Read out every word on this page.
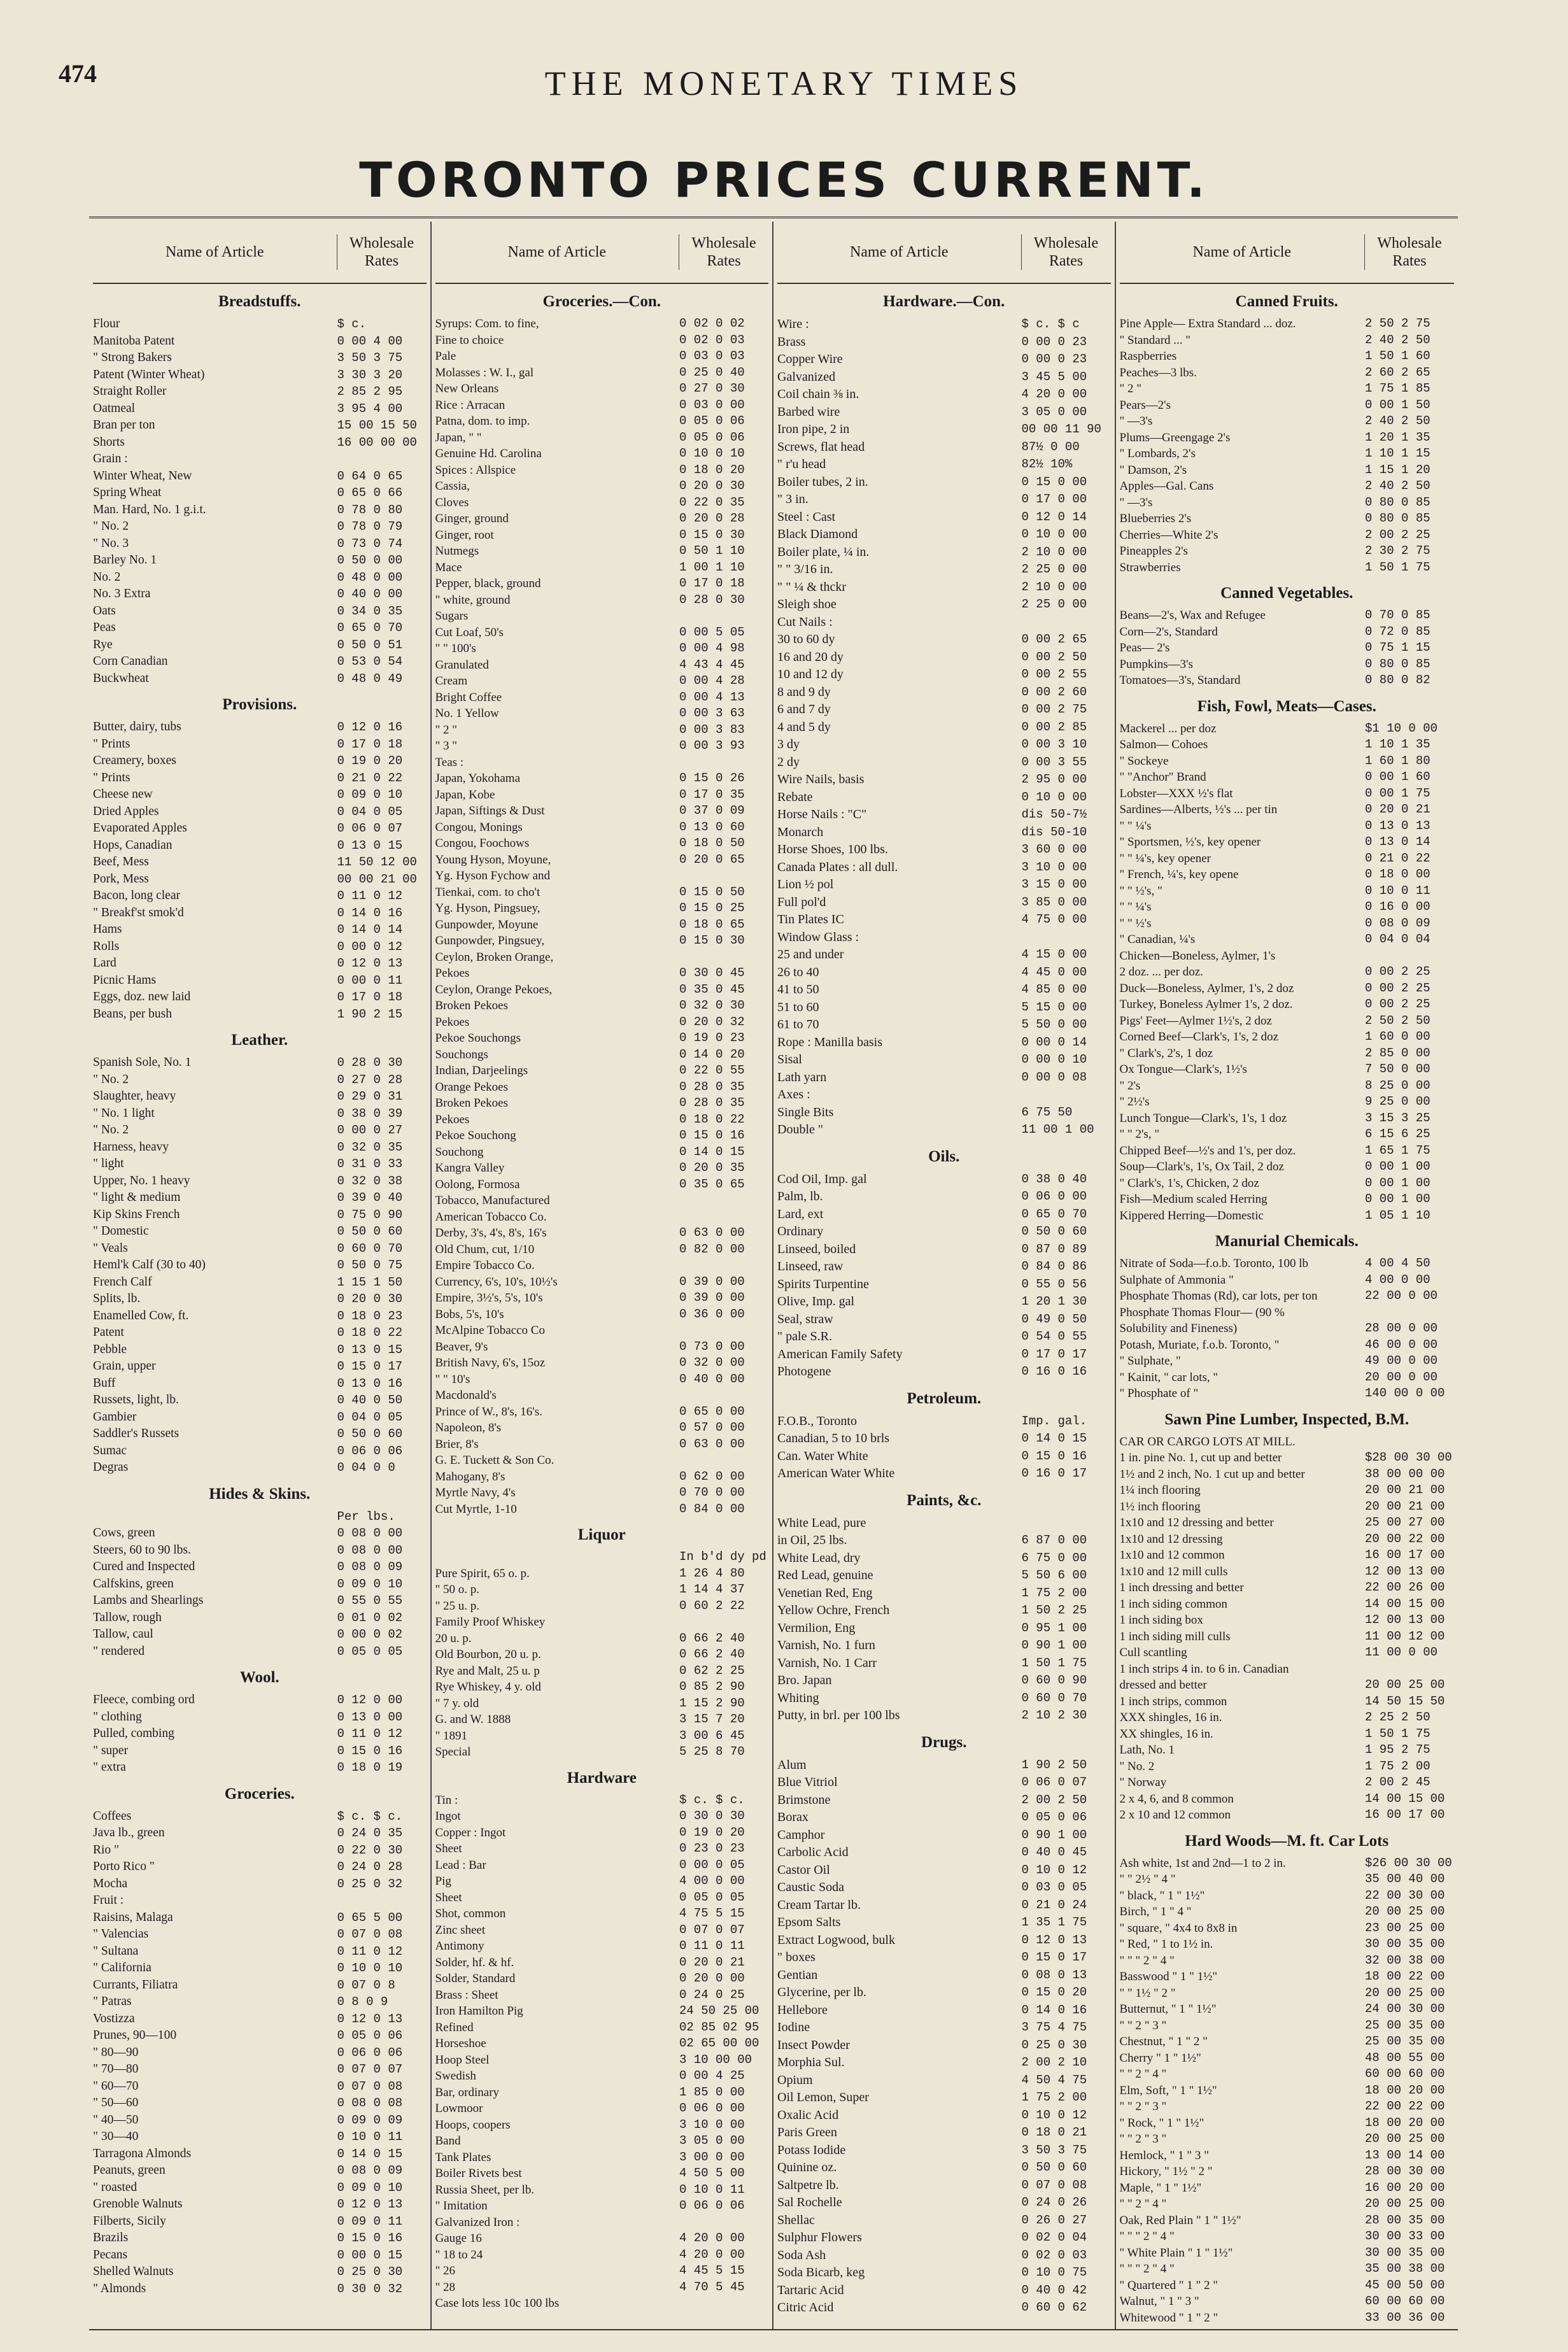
474	THE MONETARY TIMES
TORONTO PRICES CURRENT.
Name of Article
Wholesale Rates
Breadstuffs.
Flour	$ c.
Manitoba Patent	0 00 4 00
" Strong Bakers	3 50 3 75
Patent (Winter Wheat)	3 30 3 20
Straight Roller	2 85 2 95
Oatmeal	3 95 4 00
Bran per ton	15 00 15 50
Shorts	16 00 00 00
Grain :
Winter Wheat, New	0 64 0 65
Spring Wheat	0 65 0 66
Man. Hard, No. 1 g.i.t.	0 78 0 80
" No. 2	0 78 0 79
" No. 3	0 73 0 74
Barley No. 1	0 50 0 00
No. 2	0 48 0 00
No. 3 Extra	0 40 0 00
Oats	0 34 0 35
Peas	0 65 0 70
Rye	0 50 0 51
Corn Canadian	0 53 0 54
Buckwheat	0 48 0 49
Provisions.
Butter, dairy, tubs	0 12 0 16
" Prints	0 17 0 18
Creamery, boxes	0 19 0 20
" Prints	0 21 0 22
Cheese new	0 09 0 10
Dried Apples	0 04 0 05
Evaporated Apples	0 06 0 07
Hops, Canadian	0 13 0 15
Beef, Mess	11 50 12 00
Pork, Mess	00 00 21 00
Bacon, long clear	0 11 0 12
" Breakf'st smok'd	0 14 0 16
Hams	0 14 0 14
Rolls	0 00 0 12
Lard	0 12 0 13
Picnic Hams	0 00 0 11
Eggs, doz. new laid	0 17 0 18
Beans, per bush	1 90 2 15
Leather.
Spanish Sole, No. 1	0 28 0 30
" No. 2	0 27 0 28
Slaughter, heavy	0 29 0 31
" No. 1 light	0 38 0 39
" No. 2	0 00 0 27
Harness, heavy	0 32 0 35
" light	0 31 0 33
Upper, No. 1 heavy	0 32 0 38
" light & medium	0 39 0 40
Kip Skins French	0 75 0 90
" Domestic	0 50 0 60
" Veals	0 60 0 70
Heml'k Calf (30 to 40)	0 50 0 75
French Calf	1 15 1 50
Splits, lb.	0 20 0 30
Enamelled Cow, ft.	0 18 0 23
Patent	0 18 0 22
Pebble	0 13 0 15
Grain, upper	0 15 0 17
Buff	0 13 0 16
Russets, light, lb.	0 40 0 50
Gambier	0 04 0 05
Saddler's Russets	0 50 0 60
Sumac	0 06 0 06
Degras	0 04 0 0
Hides & Skins.
Per lbs.
Cows, green	0 08 0 00
Steers, 60 to 90 lbs.	0 08 0 00
Cured and Inspected	0 08 0 09
Calfskins, green	0 09 0 10
Lambs and Shearlings	0 55 0 55
Tallow, rough	0 01 0 02
Tallow, caul	0 00 0 02
" rendered	0 05 0 05
Wool.
Fleece, combing ord	0 12 0 00
" clothing	0 13 0 00
Pulled, combing	0 11 0 12
" super	0 15 0 16
" extra	0 18 0 19
Groceries.
Coffees	$ c. $ c.
Java lb., green	0 24 0 35
Rio "	0 22 0 30
Porto Rico "	0 24 0 28
Mocha	0 25 0 32
Fruit :
Raisins, Malaga	0 65 5 00
" Valencias	0 07 0 08
" Sultana	0 11 0 12
" California	0 10 0 10
Currants, Filiatra	0 07 0 8
" Patras	0 8 0 9
Vostizza	0 12 0 13
Prunes, 90—100	0 05 0 06
" 80—90	0 06 0 06
" 70—80	0 07 0 07
" 60—70	0 07 0 08
" 50—60	0 08 0 08
" 40—50	0 09 0 09
" 30—40	0 10 0 11
Tarragona Almonds	0 14 0 15
Peanuts, green	0 08 0 09
" roasted	0 09 0 10
Grenoble Walnuts	0 12 0 13
Filberts, Sicily	0 09 0 11
Brazils	0 15 0 16
Pecans	0 00 0 15
Shelled Walnuts	0 25 0 30
" Almonds	0 30 0 32
Name of Article
Wholesale Rates
Groceries.—Con.
Syrups: Com. to fine,	0 02 0 02
Fine to choice	0 02 0 03
Pale	0 03 0 03
Molasses : W. I., gal	0 25 0 40
New Orleans	0 27 0 30
Rice : Arracan	0 03 0 00
Patna, dom. to imp.	0 05 0 06
Japan, " "	0 05 0 06
Genuine Hd. Carolina	0 10 0 10
Spices : Allspice	0 18 0 20
Cassia,	0 20 0 30
Cloves	0 22 0 35
Ginger, ground	0 20 0 28
Ginger, root	0 15 0 30
Nutmegs	0 50 1 10
Mace	1 00 1 10
Pepper, black, ground	0 17 0 18
" white, ground	0 28 0 30
Sugars
Cut Loaf, 50's	0 00 5 05
" " 100's	0 00 4 98
Granulated	4 43 4 45
Cream	0 00 4 28
Bright Coffee	0 00 4 13
No. 1 Yellow	0 00 3 63
" 2 "	0 00 3 83
" 3 "	0 00 3 93
Teas :
Japan, Yokohama	0 15 0 26
Japan, Kobe	0 17 0 35
Japan, Siftings & Dust	0 37 0 09
Congou, Monings	0 13 0 60
Congou, Foochows	0 18 0 50
Young Hyson, Moyune,	0 20 0 65
Yg. Hyson Fychow and
Tienkai, com. to cho't	0 15 0 50
Yg. Hyson, Pingsuey,	0 15 0 25
Gunpowder, Moyune	0 18 0 65
Gunpowder, Pingsuey,	0 15 0 30
Ceylon, Broken Orange,
Pekoes	0 30 0 45
Ceylon, Orange Pekoes,	0 35 0 45
Broken Pekoes	0 32 0 30
Pekoes	0 20 0 32
Pekoe Souchongs	0 19 0 23
Souchongs	0 14 0 20
Indian, Darjeelings	0 22 0 55
Orange Pekoes	0 28 0 35
Broken Pekoes	0 28 0 35
Pekoes	0 18 0 22
Pekoe Souchong	0 15 0 16
Souchong	0 14 0 15
Kangra Valley	0 20 0 35
Oolong, Formosa	0 35 0 65
Tobacco, Manufactured
American Tobacco Co.
Derby, 3's, 4's, 8's, 16's	0 63 0 00
Old Chum, cut, 1/10	0 82 0 00
Empire Tobacco Co.
Currency, 6's, 10's, 10½'s	0 39 0 00
Empire, 3½'s, 5's, 10's	0 39 0 00
Bobs, 5's, 10's	0 36 0 00
McAlpine Tobacco Co
Beaver, 9's	0 73 0 00
British Navy, 6's, 15oz	0 32 0 00
" " 10's	0 40 0 00
Macdonald's
Prince of W., 8's, 16's.	0 65 0 00
Napoleon, 8's	0 57 0 00
Brier, 8's	0 63 0 00
G. E. Tuckett & Son Co.
Mahogany, 8's	0 62 0 00
Myrtle Navy, 4's	0 70 0 00
Cut Myrtle, 1-10	0 84 0 00
Liquor
In b'd dy pd
Pure Spirit, 65 o. p.	1 26 4 80
" 50 o. p.	1 14 4 37
" 25 u. p.	0 60 2 22
Family Proof Whiskey
20 u. p.	0 66 2 40
Old Bourbon, 20 u. p.	0 66 2 40
Rye and Malt, 25 u. p	0 62 2 25
Rye Whiskey, 4 y. old	0 85 2 90
" 7 y. old	1 15 2 90
G. and W. 1888	3 15 7 20
" 1891	3 00 6 45
Special	5 25 8 70
Hardware
Tin :	$ c. $ c.
Ingot	0 30 0 30
Copper : Ingot	0 19 0 20
Sheet	0 23 0 23
Lead : Bar	0 00 0 05
Pig	4 00 0 00
Sheet	0 05 0 05
Shot, common	4 75 5 15
Zinc sheet	0 07 0 07
Antimony	0 11 0 11
Solder, hf. & hf.	0 20 0 21
Solder, Standard	0 20 0 00
Brass : Sheet	0 24 0 25
Iron Hamilton Pig	24 50 25 00
Refined	02 85 02 95
Horseshoe	02 65 00 00
Hoop Steel	3 10 00 00
Swedish	0 00 4 25
Bar, ordinary	1 85 0 00
Lowmoor	0 06 0 00
Hoops, coopers	3 10 0 00
Band	3 05 0 00
Tank Plates	3 00 0 00
Boiler Rivets best	4 50 5 00
Russia Sheet, per lb.	0 10 0 11
" Imitation	0 06 0 06
Galvanized Iron :
Gauge 16	4 20 0 00
" 18 to 24	4 20 0 00
" 26	4 45 5 15
" 28	4 70 5 45
Case lots less 10c 100 lbs
Name of Article
Wholesale Rates
Hardware.—Con.
Wire :	$ c. $ c
Brass	0 00 0 23
Copper Wire	0 00 0 23
Galvanized	3 45 5 00
Coil chain ⅜ in.	4 20 0 00
Barbed wire	3 05 0 00
Iron pipe, 2 in	00 00 11 90
Screws, flat head	87½ 0 00
" r'u head	82½ 10%
Boiler tubes, 2 in.	0 15 0 00
" 3 in.	0 17 0 00
Steel : Cast	0 12 0 14
Black Diamond	0 10 0 00
Boiler plate, ¼ in.	2 10 0 00
" " 3/16 in.	2 25 0 00
" " ¼ & thckr	2 10 0 00
Sleigh shoe	2 25 0 00
Cut Nails :
30 to 60 dy	0 00 2 65
16 and 20 dy	0 00 2 50
10 and 12 dy	0 00 2 55
8 and 9 dy	0 00 2 60
6 and 7 dy	0 00 2 75
4 and 5 dy	0 00 2 85
3 dy	0 00 3 10
2 dy	0 00 3 55
Wire Nails, basis	2 95 0 00
Rebate	0 10 0 00
Horse Nails : "C"	dis 50-7½
Monarch	dis 50-10
Horse Shoes, 100 lbs.	3 60 0 00
Canada Plates : all dull.	3 10 0 00
Lion ½ pol	3 15 0 00
Full pol'd	3 85 0 00
Tin Plates IC	4 75 0 00
Window Glass :
25 and under	4 15 0 00
26 to 40	4 45 0 00
41 to 50	4 85 0 00
51 to 60	5 15 0 00
61 to 70	5 50 0 00
Rope : Manilla basis	0 00 0 14
Sisal	0 00 0 10
Lath yarn	0 00 0 08
Axes :
Single Bits	6 75 50
Double "	11 00 1 00
Oils.
Cod Oil, Imp. gal	0 38 0 40
Palm, lb.	0 06 0 00
Lard, ext	0 65 0 70
Ordinary	0 50 0 60
Linseed, boiled	0 87 0 89
Linseed, raw	0 84 0 86
Spirits Turpentine	0 55 0 56
Olive, Imp. gal	1 20 1 30
Seal, straw	0 49 0 50
" pale S.R.	0 54 0 55
American Family Safety	0 17 0 17
Photogene	0 16 0 16
Petroleum.
F.O.B., Toronto	Imp. gal.
Canadian, 5 to 10 brls	0 14 0 15
Can. Water White	0 15 0 16
American Water White	0 16 0 17
Paints, &c.
White Lead, pure
in Oil, 25 lbs.	6 87 0 00
White Lead, dry	6 75 0 00
Red Lead, genuine	5 50 6 00
Venetian Red, Eng	1 75 2 00
Yellow Ochre, French	1 50 2 25
Vermilion, Eng	0 95 1 00
Varnish, No. 1 furn	0 90 1 00
Varnish, No. 1 Carr	1 50 1 75
Bro. Japan	0 60 0 90
Whiting	0 60 0 70
Putty, in brl. per 100 lbs	2 10 2 30
Drugs.
Alum	1 90 2 50
Blue Vitriol	0 06 0 07
Brimstone	2 00 2 50
Borax	0 05 0 06
Camphor	0 90 1 00
Carbolic Acid	0 40 0 45
Castor Oil	0 10 0 12
Caustic Soda	0 03 0 05
Cream Tartar lb.	0 21 0 24
Epsom Salts	1 35 1 75
Extract Logwood, bulk	0 12 0 13
" boxes	0 15 0 17
Gentian	0 08 0 13
Glycerine, per lb.	0 15 0 20
Hellebore	0 14 0 16
Iodine	3 75 4 75
Insect Powder	0 25 0 30
Morphia Sul.	2 00 2 10
Opium	4 50 4 75
Oil Lemon, Super	1 75 2 00
Oxalic Acid	0 10 0 12
Paris Green	0 18 0 21
Potass Iodide	3 50 3 75
Quinine oz.	0 50 0 60
Saltpetre lb.	0 07 0 08
Sal Rochelle	0 24 0 26
Shellac	0 26 0 27
Sulphur Flowers	0 02 0 04
Soda Ash	0 02 0 03
Soda Bicarb, keg	0 10 0 75
Tartaric Acid	0 40 0 42
Citric Acid	0 60 0 62
Name of Article
Wholesale Rates
Canned Fruits.
Pine Apple— Extra Standard ... doz.	2 50 2 75
" Standard ... "	2 40 2 50
Raspberries	1 50 1 60
Peaches—3 lbs.	2 60 2 65
" 2 "	1 75 1 85
Pears—2's	0 00 1 50
" —3's	2 40 2 50
Plums—Greengage 2's	1 20 1 35
" Lombards, 2's	1 10 1 15
" Damson, 2's	1 15 1 20
Apples—Gal. Cans	2 40 2 50
" —3's	0 80 0 85
Blueberries 2's	0 80 0 85
Cherries—White 2's	2 00 2 25
Pineapples 2's	2 30 2 75
Strawberries	1 50 1 75
Canned Vegetables.
Beans—2's, Wax and Refugee	0 70 0 85
Corn—2's, Standard	0 72 0 85
Peas— 2's	0 75 1 15
Pumpkins—3's	0 80 0 85
Tomatoes—3's, Standard	0 80 0 82
Fish, Fowl, Meats—Cases.
Mackerel ... per doz	$1 10 0 00
Salmon— Cohoes	1 10 1 35
" Sockeye	1 60 1 80
" "Anchor" Brand	0 00 1 60
Lobster—XXX ½'s flat	0 00 1 75
Sardines—Alberts, ½'s ... per tin	0 20 0 21
" " ¼'s	0 13 0 13
" Sportsmen, ½'s, key opener	0 13 0 14
" " ¼'s, key opener	0 21 0 22
" French, ¼'s, key opene	0 18 0 00
" " ½'s, "	0 10 0 11
" " ¼'s	0 16 0 00
" " ½'s	0 08 0 09
" Canadian, ¼'s	0 04 0 04
Chicken—Boneless, Aylmer, 1's
2 doz. ... per doz.	0 00 2 25
Duck—Boneless, Aylmer, 1's, 2 doz	0 00 2 25
Turkey, Boneless Aylmer 1's, 2 doz.	0 00 2 25
Pigs' Feet—Aylmer 1½'s, 2 doz	2 50 2 50
Corned Beef—Clark's, 1's, 2 doz	1 60 0 00
" Clark's, 2's, 1 doz	2 85 0 00
Ox Tongue—Clark's, 1½'s	7 50 0 00
" 2's	8 25 0 00
" 2½'s	9 25 0 00
Lunch Tongue—Clark's, 1's, 1 doz	3 15 3 25
" " 2's, "	6 15 6 25
Chipped Beef—½'s and 1's, per doz.	1 65 1 75
Soup—Clark's, 1's, Ox Tail, 2 doz	0 00 1 00
" Clark's, 1's, Chicken, 2 doz	0 00 1 00
Fish—Medium scaled Herring	0 00 1 00
Kippered Herring—Domestic	1 05 1 10
Manurial Chemicals.
Nitrate of Soda—f.o.b. Toronto, 100 lb	4 00 4 50
Sulphate of Ammonia "	4 00 0 00
Phosphate Thomas (Rd), car lots, per ton	22 00 0 00
Phosphate Thomas Flour— (90 %
Solubility and Fineness)	28 00 0 00
Potash, Muriate, f.o.b. Toronto, "	46 00 0 00
" Sulphate, "	49 00 0 00
" Kainit, " car lots, "	20 00 0 00
" Phosphate of "	140 00 0 00
Sawn Pine Lumber, Inspected, B.M.
CAR OR CARGO LOTS AT MILL.
1 in. pine No. 1, cut up and better	$28 00 30 00
1½ and 2 inch, No. 1 cut up and better	38 00 00 00
1¼ inch flooring	20 00 21 00
1½ inch flooring	20 00 21 00
1x10 and 12 dressing and better	25 00 27 00
1x10 and 12 dressing	20 00 22 00
1x10 and 12 common	16 00 17 00
1x10 and 12 mill culls	12 00 13 00
1 inch dressing and better	22 00 26 00
1 inch siding common	14 00 15 00
1 inch siding box	12 00 13 00
1 inch siding mill culls	11 00 12 00
Cull scantling	11 00 0 00
1 inch strips 4 in. to 6 in. Canadian
dressed and better	20 00 25 00
1 inch strips, common	14 50 15 50
XXX shingles, 16 in.	2 25 2 50
XX shingles, 16 in.	1 50 1 75
Lath, No. 1	1 95 2 75
" No. 2	1 75 2 00
" Norway	2 00 2 45
2 x 4, 6, and 8 common	14 00 15 00
2 x 10 and 12 common	16 00 17 00
Hard Woods—M. ft. Car Lots
Ash white, 1st and 2nd—1 to 2 in.	$26 00 30 00
" " 2½ " 4 "	35 00 40 00
" black, " 1 " 1½"	22 00 30 00
Birch, " 1 " 4 "	20 00 25 00
" square, " 4x4 to 8x8 in	23 00 25 00
" Red, " 1 to 1½ in.	30 00 35 00
" " " 2 " 4 "	32 00 38 00
Basswood " 1 " 1½"	18 00 22 00
" " 1½ " 2 "	20 00 25 00
Butternut, " 1 " 1½"	24 00 30 00
" " 2 " 3 "	25 00 35 00
Chestnut, " 1 " 2 "	25 00 35 00
Cherry " 1 " 1½"	48 00 55 00
" " 2 " 4 "	60 00 60 00
Elm, Soft, " 1 " 1½"	18 00 20 00
" " 2 " 3 "	22 00 22 00
" Rock, " 1 " 1½"	18 00 20 00
" " 2 " 3 "	20 00 25 00
Hemlock, " 1 " 3 "	13 00 14 00
Hickory, " 1½ " 2 "	28 00 30 00
Maple, " 1 " 1½"	16 00 20 00
" " 2 " 4 "	20 00 25 00
Oak, Red Plain " 1 " 1½"	28 00 35 00
" " " 2 " 4 "	30 00 33 00
" White Plain " 1 " 1½"	30 00 35 00
" " " 2 " 4 "	35 00 38 00
" Quartered " 1 " 2 "	45 00 50 00
Walnut, " 1 " 3 "	60 00 60 00
Whitewood " 1 " 2 "	33 00 36 00
